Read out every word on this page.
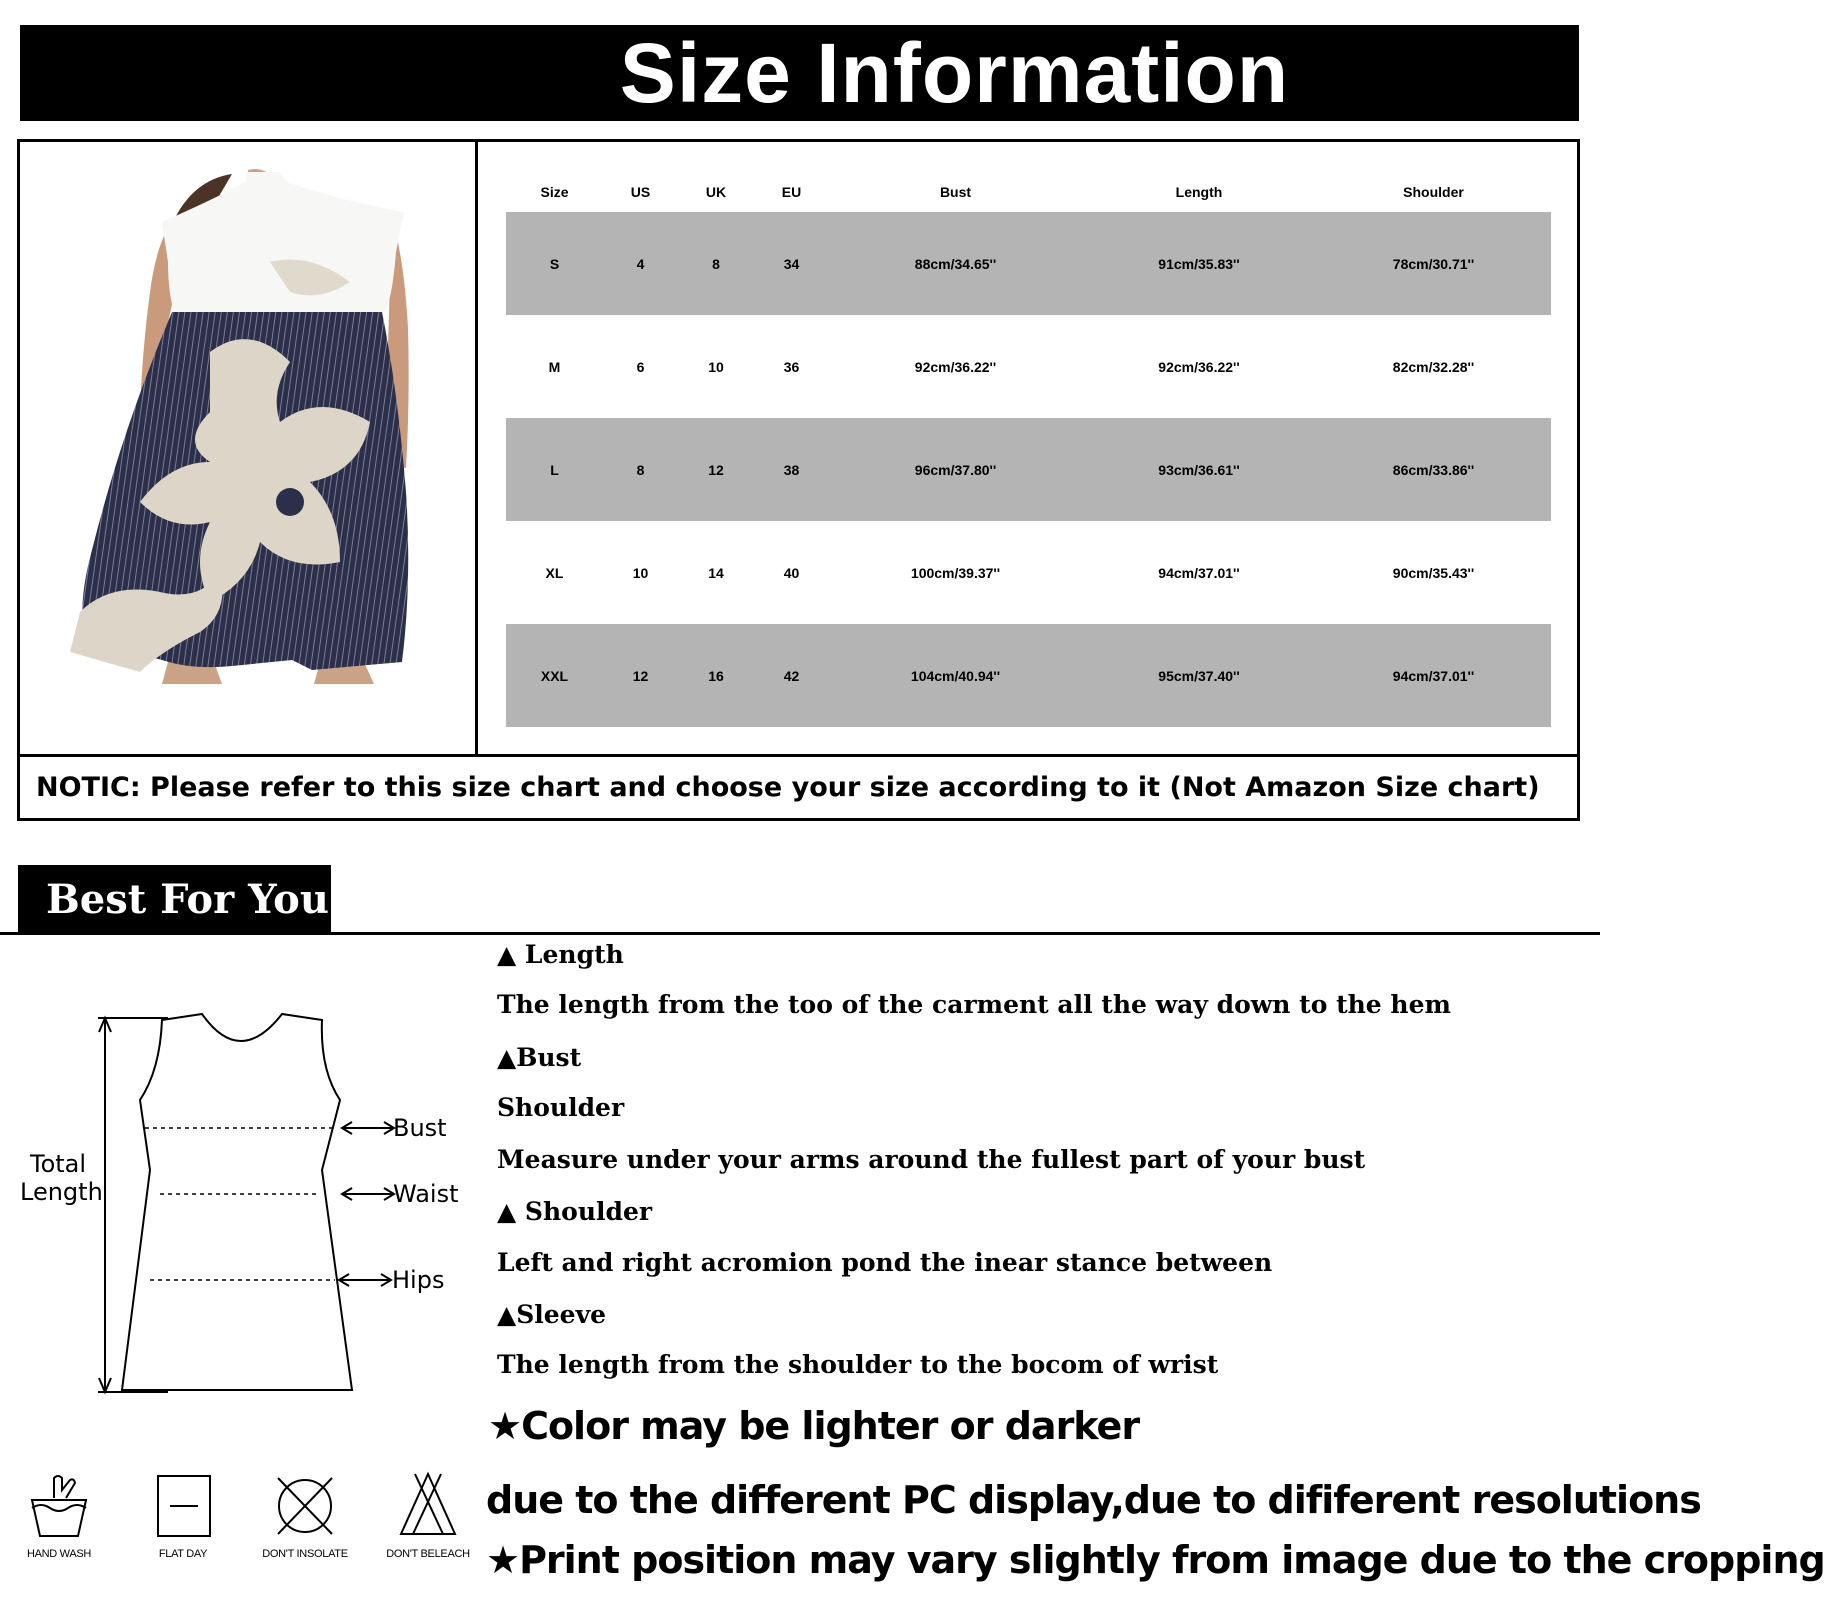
Size Information
Size	US	UK	EU	Bust	Length	Shoulder
S	4	8	34	88cm/34.65''	91cm/35.83''	78cm/30.71''
M	6	10	36	92cm/36.22''	92cm/36.22''	82cm/32.28''
L	8	12	38	96cm/37.80''	93cm/36.61''	86cm/33.86''
XL	10	14	40	100cm/39.37''	94cm/37.01''	90cm/35.43''
XXL	12	16	42	104cm/40.94''	95cm/37.40''	94cm/37.01''
NOTIC: Please refer to this size chart and choose your size according to it (Not Amazon Size chart)
Best For You
Total
Length
Bust
Waist
Hips
▲ Length
The length from the too of the carment all the way down to the hem
▲Bust
Shoulder
Measure under your arms around the fullest part of your bust
▲ Shoulder
Left and right acromion pond the inear stance between
▲Sleeve
The length from the shoulder to the bocom of wrist
★Color may be lighter or darker
due to the different PC display,due to dififerent resolutions
★Print position may vary slightly from image due to the cropping
HAND WASH	FLAT DAY	DON'T INSOLATE	DON'T BELEACH
